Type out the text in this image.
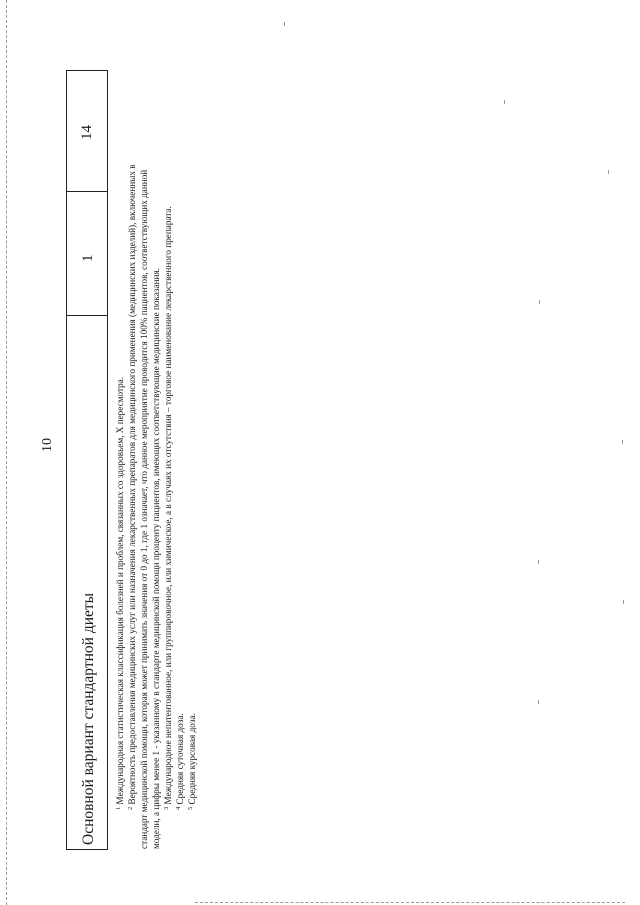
10
Основной вариант стандартной диеты
1
14
$^1$ Международная статистическая классификация болезней и проблем, связанных со здоровьем, X пересмотра.
$^2$ Вероятность предоставления медицинских услуг или назначения лекарственных препаратов для медицинского применения (медицинских изделий), включенных в стандарт медицинской помощи, которая может принимать значения от 0 до 1, где 1 означает, что данное мероприятие проводится 100% пациентов, соответствующих данной модели, а цифры менее 1 - указанному в стандарте медицинской помощи проценту пациентов, имеющих соответствующие медицинские показания. $^3$ Международное непатентованное, или группировочное, или химическое, а в случаях их отсутствия – торговое наименование лекарственного препарата.
$^4$ Средняя суточная доза.
$^5$ Средняя курсовая доза.
